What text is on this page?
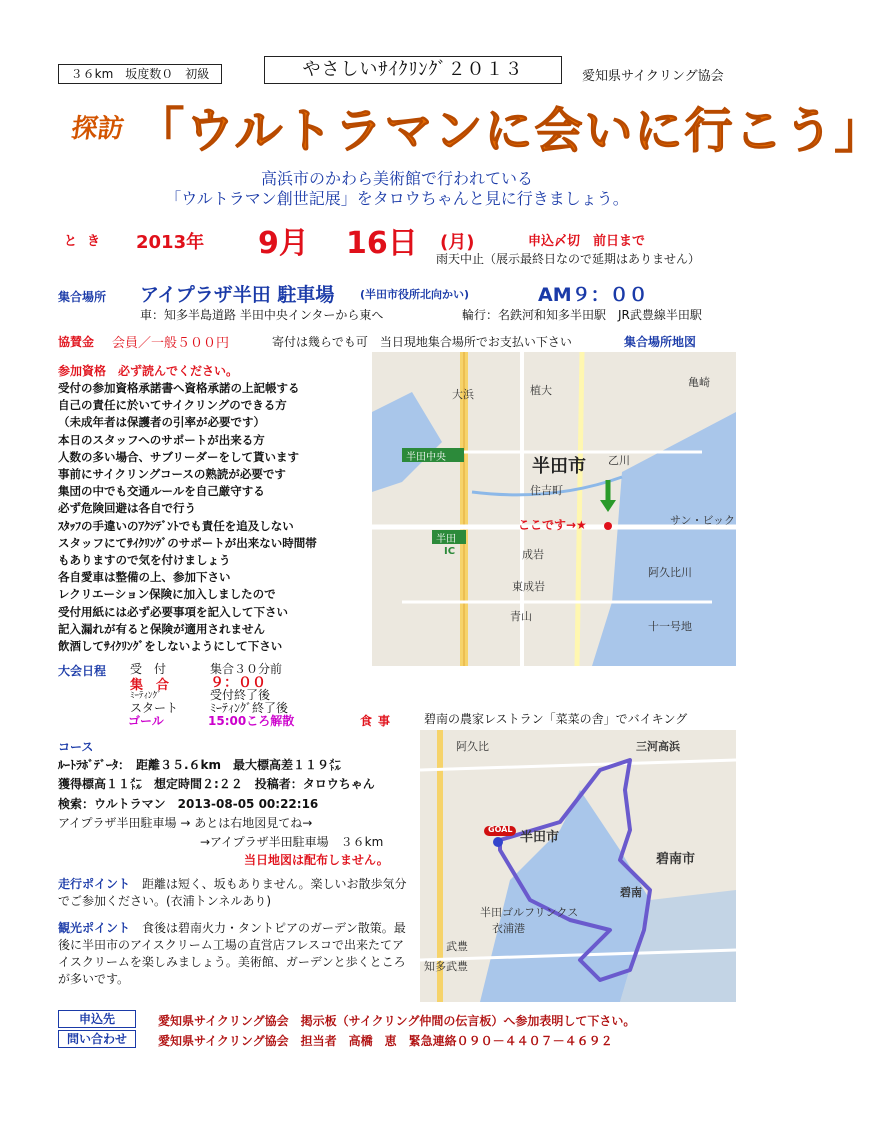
３６km　坂度数０　初級	やさしいｻｲｸﾘﾝｸﾞ２０１３	愛知県サイクリング協会
探訪 「ウルトラマンに会いに行こう」
高浜市のかわら美術館で行われている
「ウルトラマン創世記展」をタロウちゃんと見に行きましょう。
とき 2013年 9月 16日 (月)	申込〆切　前日まで
雨天中止（展示最終日なので延期はありません）
集合場所 アイプラザ半田 駐車場 (半田市役所北向かい)	AM９：００
車：知多半島道路 半田中央インターから東へ	輪行：名鉄河和知多半田駅　JR武豊線半田駅
協賛金 会員／一般５００円	寄付は幾らでも可　当日現地集合場所でお支払い下さい	集合場所地図
参加資格　必ず読んでください。
受付の参加資格承諾書へ資格承諾の上記帳する
自己の責任に於いてサイクリングのできる方
（未成年者は保護者の引率が必要です）
本日のスタッフへのサポートが出来る方
人数の多い場合、サブリーダーをして貰います
事前にサイクリングコースの熟読が必要です
集団の中でも交通ルールを自己厳守する
必ず危険回避は各自で行う
ｽﾀｯﾌの手違いのｱｸｼﾃﾞﾝﾄでも責任を追及しない
スタッフにてｻｲｸﾘﾝｸﾞのサポートが出来ない時間帯
もありますので気を付けましょう
各自愛車は整備の上、参加下さい
レクリエーション保険に加入しましたので
受付用紙には必ず必要事項を記入して下さい
記入漏れが有ると保険が適用されません
飲酒してｻｲｸﾘﾝｸﾞをしないようにして下さい
大浜
ここです→★
半田市
半田中央
IC
半田
乙川
住吉町
成岩
青山
東成岩
阿久比川
十一号地
サン・ビック
亀崎
植大
大会日程 受　付	集合３０分前
集　合	９：００
ﾐｰﾃｨﾝｸﾞ	受付終了後
スタート	ﾐｰﾃｨﾝｸﾞ終了後
ゴール	15:00ころ解散	食事 碧南の農家レストラン「菜菜の舎」でバイキング
コース
ﾙｰﾄﾗﾎﾞﾃﾞｰﾀ：　距離３５.６km　最大標高差１１９㍍
獲得標高１１㍍　想定時間２:２２　投稿者：タロウちゃん
検索：ウルトラマン　2013-08-05 00:22:16
アイプラザ半田駐車場 → あとは右地図見てね→
→アイプラザ半田駐車場　３６km
当日地図は配布しません。
阿久比	三河高浜
半田市
碧南市
碧南
衣浦港
半田ゴルフリンクス
武豊
知多武豊
GOAL
走行ポイント　 距離は短く、坂もありません。楽しいお散歩気分でご参加ください。(衣浦トンネルあり)
観光ポイント　 食後は碧南火力・タントピアのガーデン散策。最後に半田市のアイスクリーム工場の直営店フレスコで出来たてアイスクリームを楽しみましょう。美術館、ガーデンと歩くところが多いです。
申込先	愛知県サイクリング協会　掲示板（サイクリング仲間の伝言板）へ参加表明して下さい。
問い合わせ	愛知県サイクリング協会　担当者　高橋　恵　緊急連絡０９０－４４０７－４６９２
